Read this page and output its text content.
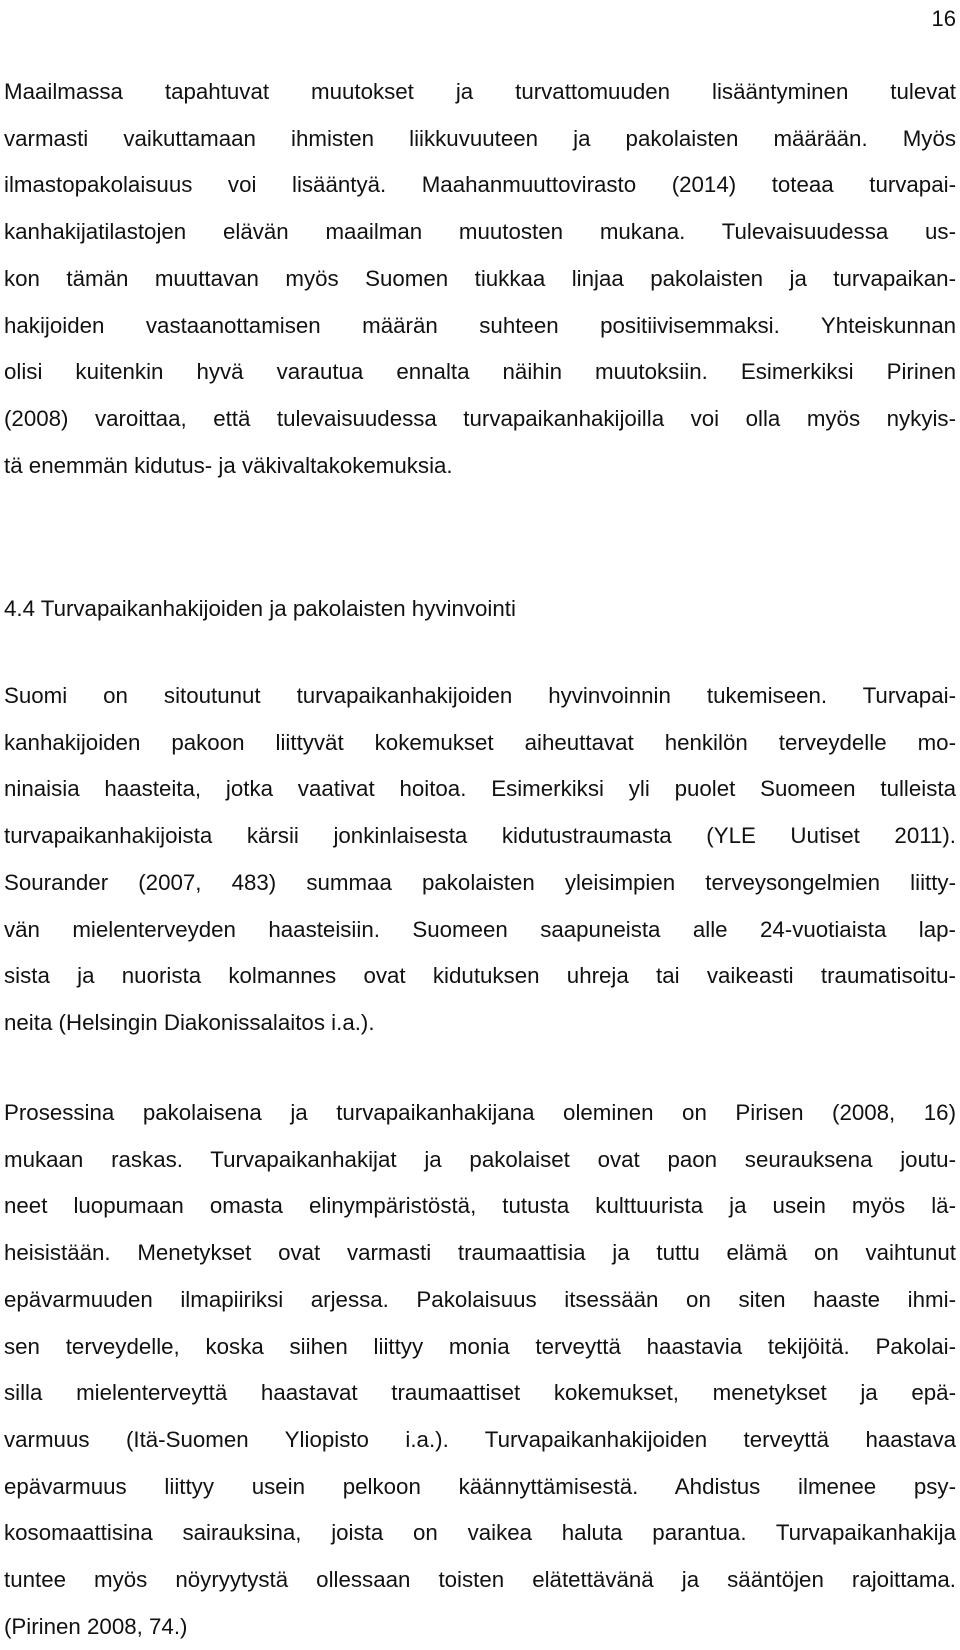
16
Maailmassa tapahtuvat muutokset ja turvattomuuden lisääntyminen tulevat
varmasti vaikuttamaan ihmisten liikkuvuuteen ja pakolaisten määrään. Myös
ilmastopakolaisuus voi lisääntyä. Maahanmuuttovirasto (2014) toteaa turvapai-
kanhakijatilastojen elävän maailman muutosten mukana. Tulevaisuudessa us-
kon tämän muuttavan myös Suomen tiukkaa linjaa pakolaisten ja turvapaikan-
hakijoiden vastaanottamisen määrän suhteen positiivisemmaksi. Yhteiskunnan
olisi kuitenkin hyvä varautua ennalta näihin muutoksiin. Esimerkiksi Pirinen
(2008) varoittaa, että tulevaisuudessa turvapaikanhakijoilla voi olla myös nykyis-
tä enemmän kidutus- ja väkivaltakokemuksia.
4.4 Turvapaikanhakijoiden ja pakolaisten hyvinvointi
Suomi on sitoutunut turvapaikanhakijoiden hyvinvoinnin tukemiseen. Turvapai-
kanhakijoiden pakoon liittyvät kokemukset aiheuttavat henkilön terveydelle mo-
ninaisia haasteita, jotka vaativat hoitoa. Esimerkiksi yli puolet Suomeen tulleista
turvapaikanhakijoista kärsii jonkinlaisesta kidutustraumasta (YLE Uutiset 2011).
Sourander (2007, 483) summaa pakolaisten yleisimpien terveysongelmien liitty-
vän mielenterveyden haasteisiin. Suomeen saapuneista alle 24-vuotiaista lap-
sista ja nuorista kolmannes ovat kidutuksen uhreja tai vaikeasti traumatisoitu-
neita (Helsingin Diakonissalaitos i.a.).
Prosessina pakolaisena ja turvapaikanhakijana oleminen on Pirisen (2008, 16)
mukaan raskas. Turvapaikanhakijat ja pakolaiset ovat paon seurauksena joutu-
neet luopumaan omasta elinympäristöstä, tutusta kulttuurista ja usein myös lä-
heisistään. Menetykset ovat varmasti traumaattisia ja tuttu elämä on vaihtunut
epävarmuuden ilmapiiriksi arjessa. Pakolaisuus itsessään on siten haaste ihmi-
sen terveydelle, koska siihen liittyy monia terveyttä haastavia tekijöitä. Pakolai-
silla mielenterveyttä haastavat traumaattiset kokemukset, menetykset ja epä-
varmuus (Itä-Suomen Yliopisto i.a.). Turvapaikanhakijoiden terveyttä haastava
epävarmuus liittyy usein pelkoon käännyttämisestä. Ahdistus ilmenee psy-
kosomaattisina sairauksina, joista on vaikea haluta parantua. Turvapaikanhakija
tuntee myös nöyryytystä ollessaan toisten elätettävänä ja sääntöjen rajoittama.
(Pirinen 2008, 74.)
